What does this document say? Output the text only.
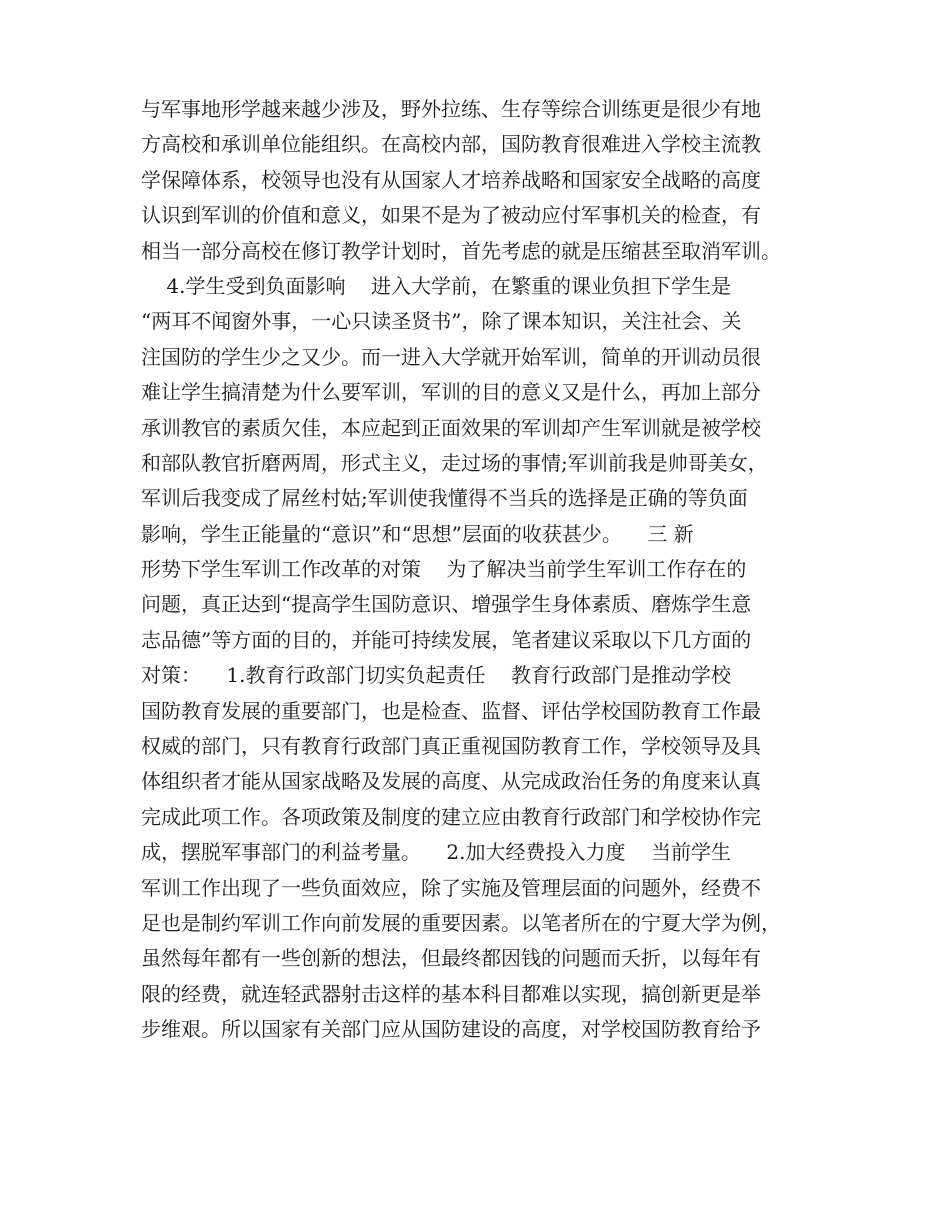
与军事地形学越来越少涉及，野外拉练、生存等综合训练更是很少有地
方高校和承训单位能组织。在高校内部，国防教育很难进入学校主流教
学保障体系，校领导也没有从国家人才培养战略和国家安全战略的高度
认识到军训的价值和意义，如果不是为了被动应付军事机关的检查，有
相当一部分高校在修订教学计划时，首先考虑的就是压缩甚至取消军训。
4.学生受到负面影响    进入大学前，在繁重的课业负担下学生是
“两耳不闻窗外事，一心只读圣贤书”，除了课本知识，关注社会、关
注国防的学生少之又少。而一进入大学就开始军训，简单的开训动员很
难让学生搞清楚为什么要军训，军训的目的意义又是什么，再加上部分
承训教官的素质欠佳，本应起到正面效果的军训却产生军训就是被学校
和部队教官折磨两周，形式主义，走过场的事情;军训前我是帅哥美女，
军训后我变成了屌丝村姑;军训使我懂得不当兵的选择是正确的等负面
影响，学生正能量的“意识”和“思想”层面的收获甚少。    三 新
形势下学生军训工作改革的对策    为了解决当前学生军训工作存在的
问题，真正达到“提高学生国防意识、增强学生身体素质、磨炼学生意
志品德”等方面的目的，并能可持续发展，笔者建议采取以下几方面的
对策：    1.教育行政部门切实负起责任    教育行政部门是推动学校
国防教育发展的重要部门，也是检查、监督、评估学校国防教育工作最
权威的部门，只有教育行政部门真正重视国防教育工作，学校领导及具
体组织者才能从国家战略及发展的高度、从完成政治任务的角度来认真
完成此项工作。各项政策及制度的建立应由教育行政部门和学校协作完
成，摆脱军事部门的利益考量。    2.加大经费投入力度    当前学生
军训工作出现了一些负面效应，除了实施及管理层面的问题外，经费不
足也是制约军训工作向前发展的重要因素。以笔者所在的宁夏大学为例，
虽然每年都有一些创新的想法，但最终都因钱的问题而夭折，以每年有
限的经费，就连轻武器射击这样的基本科目都难以实现，搞创新更是举
步维艰。所以国家有关部门应从国防建设的高度，对学校国防教育给予
